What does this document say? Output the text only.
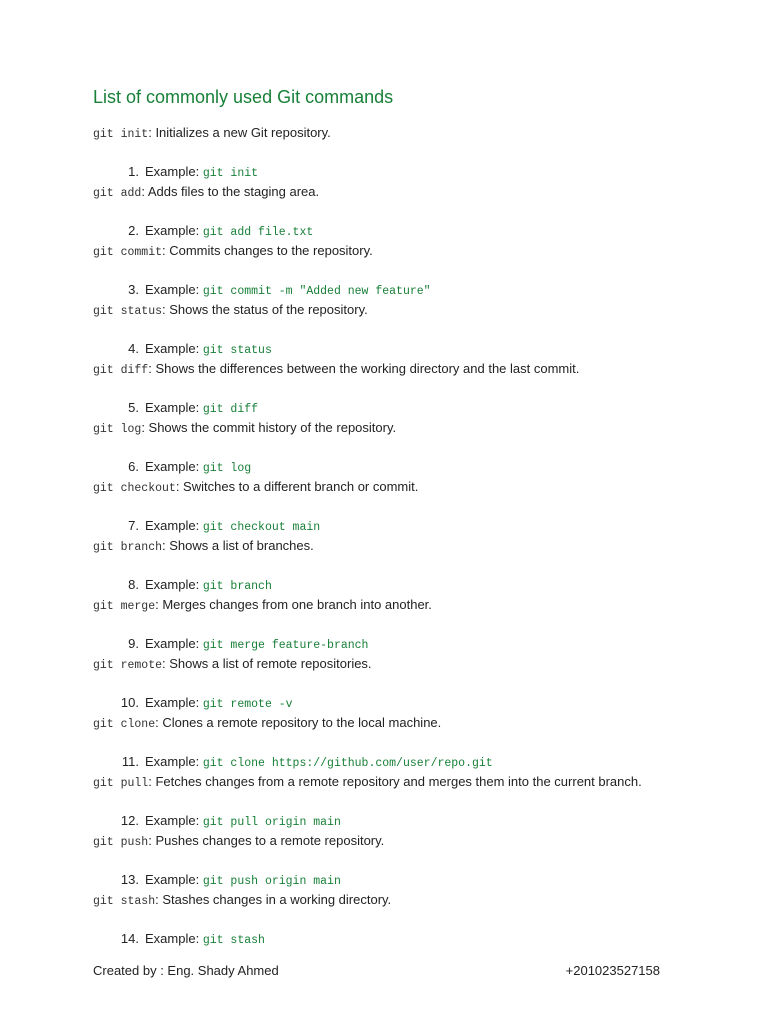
List of commonly used Git commands
git init: Initializes a new Git repository.
1. Example: git init
git add: Adds files to the staging area.
2. Example: git add file.txt
git commit: Commits changes to the repository.
3. Example: git commit -m "Added new feature"
git status: Shows the status of the repository.
4. Example: git status
git diff: Shows the differences between the working directory and the last commit.
5. Example: git diff
git log: Shows the commit history of the repository.
6. Example: git log
git checkout: Switches to a different branch or commit.
7. Example: git checkout main
git branch: Shows a list of branches.
8. Example: git branch
git merge: Merges changes from one branch into another.
9. Example: git merge feature-branch
git remote: Shows a list of remote repositories.
10. Example: git remote -v
git clone: Clones a remote repository to the local machine.
11. Example: git clone https://github.com/user/repo.git
git pull: Fetches changes from a remote repository and merges them into the current branch.
12. Example: git pull origin main
git push: Pushes changes to a remote repository.
13. Example: git push origin main
git stash: Stashes changes in a working directory.
14. Example: git stash
Created by : Eng. Shady Ahmed	+201023527158
